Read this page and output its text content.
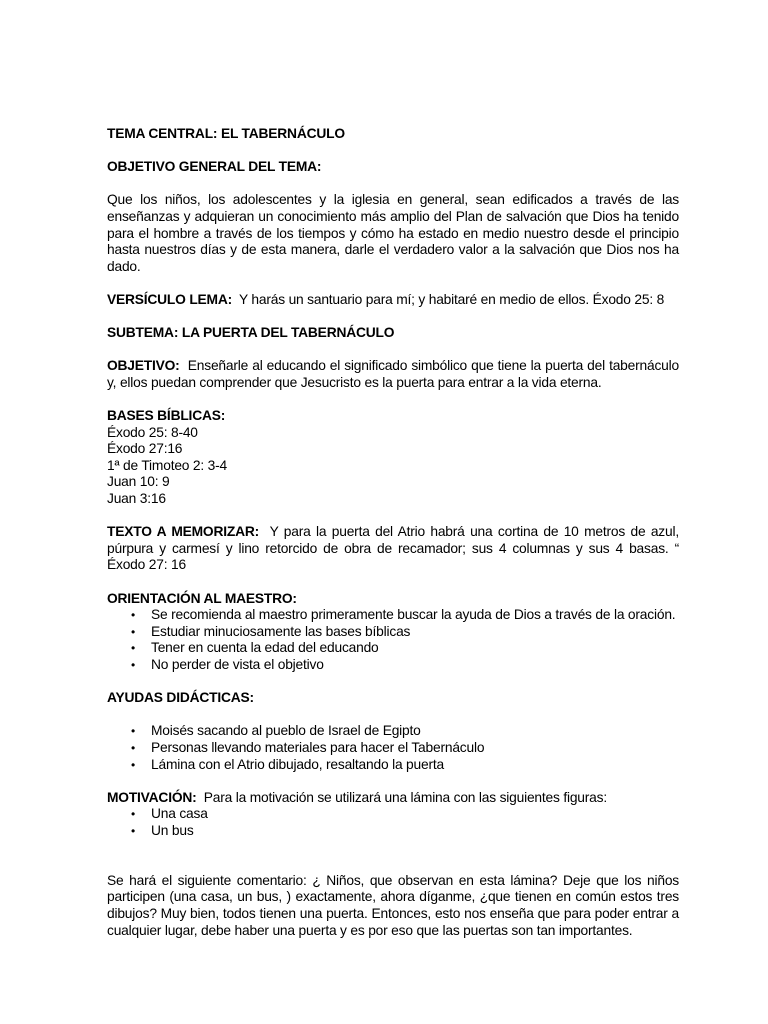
TEMA CENTRAL: EL TABERNÁCULO
OBJETIVO GENERAL DEL TEMA:
Que los niños, los adolescentes y la iglesia en general, sean edificados a través de las enseñanzas y adquieran un conocimiento más amplio del Plan de salvación que Dios ha tenido para el hombre a través de los tiempos y cómo ha estado en medio nuestro desde el principio hasta nuestros días y de esta manera, darle el verdadero valor a la salvación que Dios nos ha dado.
VERSÍCULO LEMA: Y harás un santuario para mí; y habitaré en medio de ellos. Éxodo 25: 8
SUBTEMA: LA PUERTA DEL TABERNÁCULO
OBJETIVO: Enseñarle al educando el significado simbólico que tiene la puerta del tabernáculo y, ellos puedan comprender que Jesucristo es la puerta para entrar a la vida eterna.
BASES BÍBLICAS:
Éxodo 25: 8-40
Éxodo 27:16
1ª de Timoteo 2: 3-4
Juan 10: 9
Juan 3:16
TEXTO A MEMORIZAR: Y para la puerta del Atrio habrá una cortina de 10 metros de azul, púrpura y carmesí y lino retorcido de obra de recamador; sus 4 columnas y sus 4 basas. “ Éxodo 27: 16
ORIENTACIÓN AL MAESTRO:
• Se recomienda al maestro primeramente buscar la ayuda de Dios a través de la oración.
• Estudiar minuciosamente las bases bíblicas
• Tener en cuenta la edad del educando
• No perder de vista el objetivo
AYUDAS DIDÁCTICAS:
• Moisés sacando al pueblo de Israel de Egipto
• Personas llevando materiales para hacer el Tabernáculo
• Lámina con el Atrio dibujado, resaltando la puerta
MOTIVACIÓN: Para la motivación se utilizará una lámina con las siguientes figuras:
• Una casa
• Un bus
Se hará el siguiente comentario: ¿ Niños, que observan en esta lámina? Deje que los niños participen (una casa, un bus, ) exactamente, ahora díganme, ¿que tienen en común estos tres dibujos? Muy bien, todos tienen una puerta. Entonces, esto nos enseña que para poder entrar a cualquier lugar, debe haber una puerta y es por eso que las puertas son tan importantes.
